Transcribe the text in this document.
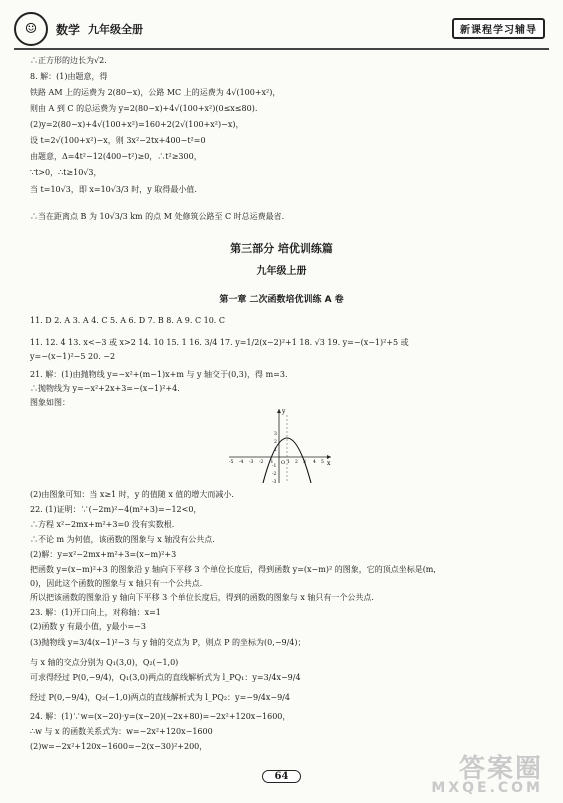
☺	数学 九年级全册	新课程学习辅导
∴正方形的边长为√2.
8. 解：(1)由题意，得
铁路 AM 上的运费为 2(80−x)，公路 MC 上的运费为 4√(100+x²)，
则由 A 到 C 的总运费为 y=2(80−x)+4√(100+x²)(0≤x≤80).
(2)y=2(80−x)+4√(100+x²)=160+2(2√(100+x²)−x)，
设 t=2√(100+x²)−x，则 3x²−2tx+400−t²=0
由题意，Δ=4t²−12(400−t²)≥0，∴t²≥300，
∵t>0，∴t≥10√3，
当 t=10√3，即 x=10√3/3 时，y 取得最小值.
∴当在距离点 B 为 10√3/3 km 的点 M 处修筑公路至 C 时总运费最省.
第三部分 培优训练篇
九年级上册
第一章 二次函数培优训练 A 卷
11. D 2. A 3. A 4. C 5. A 6. D 7. B 8. A 9. C 10. C
11. 12. 4 13. x<−3 或 x>2 14. 10 15. 1 16. 3/4 17. y=1/2(x−2)²+1 18. √3 19. y=−(x−1)²+5 或
y=−(x−1)²−5 20. −2
21. 解：(1)由抛物线 y=−x²+(m−1)x+m 与 y 轴交于(0,3)，得 m=3.
∴抛物线为 y=−x²+2x+3=−(x−1)²+4.
图象如图：
x
y
O
-5 -4 -3 -2 -1	1 2 3 4 5
3
2
1
-1
-2
-3
(2)由图象可知：当 x≥1 时，y 的值随 x 值的增大而减小.
22. (1)证明：∵(−2m)²−4(m²+3)=−12<0，
∴方程 x²−2mx+m²+3=0 没有实数根.
∴不论 m 为何值，该函数的图象与 x 轴没有公共点.
(2)解：y=x²−2mx+m²+3=(x−m)²+3
把函数 y=(x−m)²+3 的图象沿 y 轴向下平移 3 个单位长度后，得到函数 y=(x−m)² 的图象，它的顶点坐标是(m,
0)，因此这个函数的图象与 x 轴只有一个公共点.
所以把该函数的图象沿 y 轴向下平移 3 个单位长度后，得到的函数的图象与 x 轴只有一个公共点.
23. 解：(1)开口向上，对称轴：x=1
(2)函数 y 有最小值，y最小=−3
(3)抛物线 y=3/4(x−1)²−3 与 y 轴的交点为 P，则点 P 的坐标为(0,−9/4)；
与 x 轴的交点分别为 Q₁(3,0)，Q₂(−1,0)
可求得经过 P(0,−9/4)，Q₁(3,0)两点的直线解析式为 l_PQ₁：y=3/4x−9/4
经过 P(0,−9/4)，Q₂(−1,0)两点的直线解析式为 l_PQ₂：y=−9/4x−9/4
24. 解：(1)∵w=(x−20)·y=(x−20)(−2x+80)=−2x²+120x−1600，
∴w 与 x 的函数关系式为：w=−2x²+120x−1600
(2)w=−2x²+120x−1600=−2(x−30)²+200，
64	答案圈
MXQE.COM
